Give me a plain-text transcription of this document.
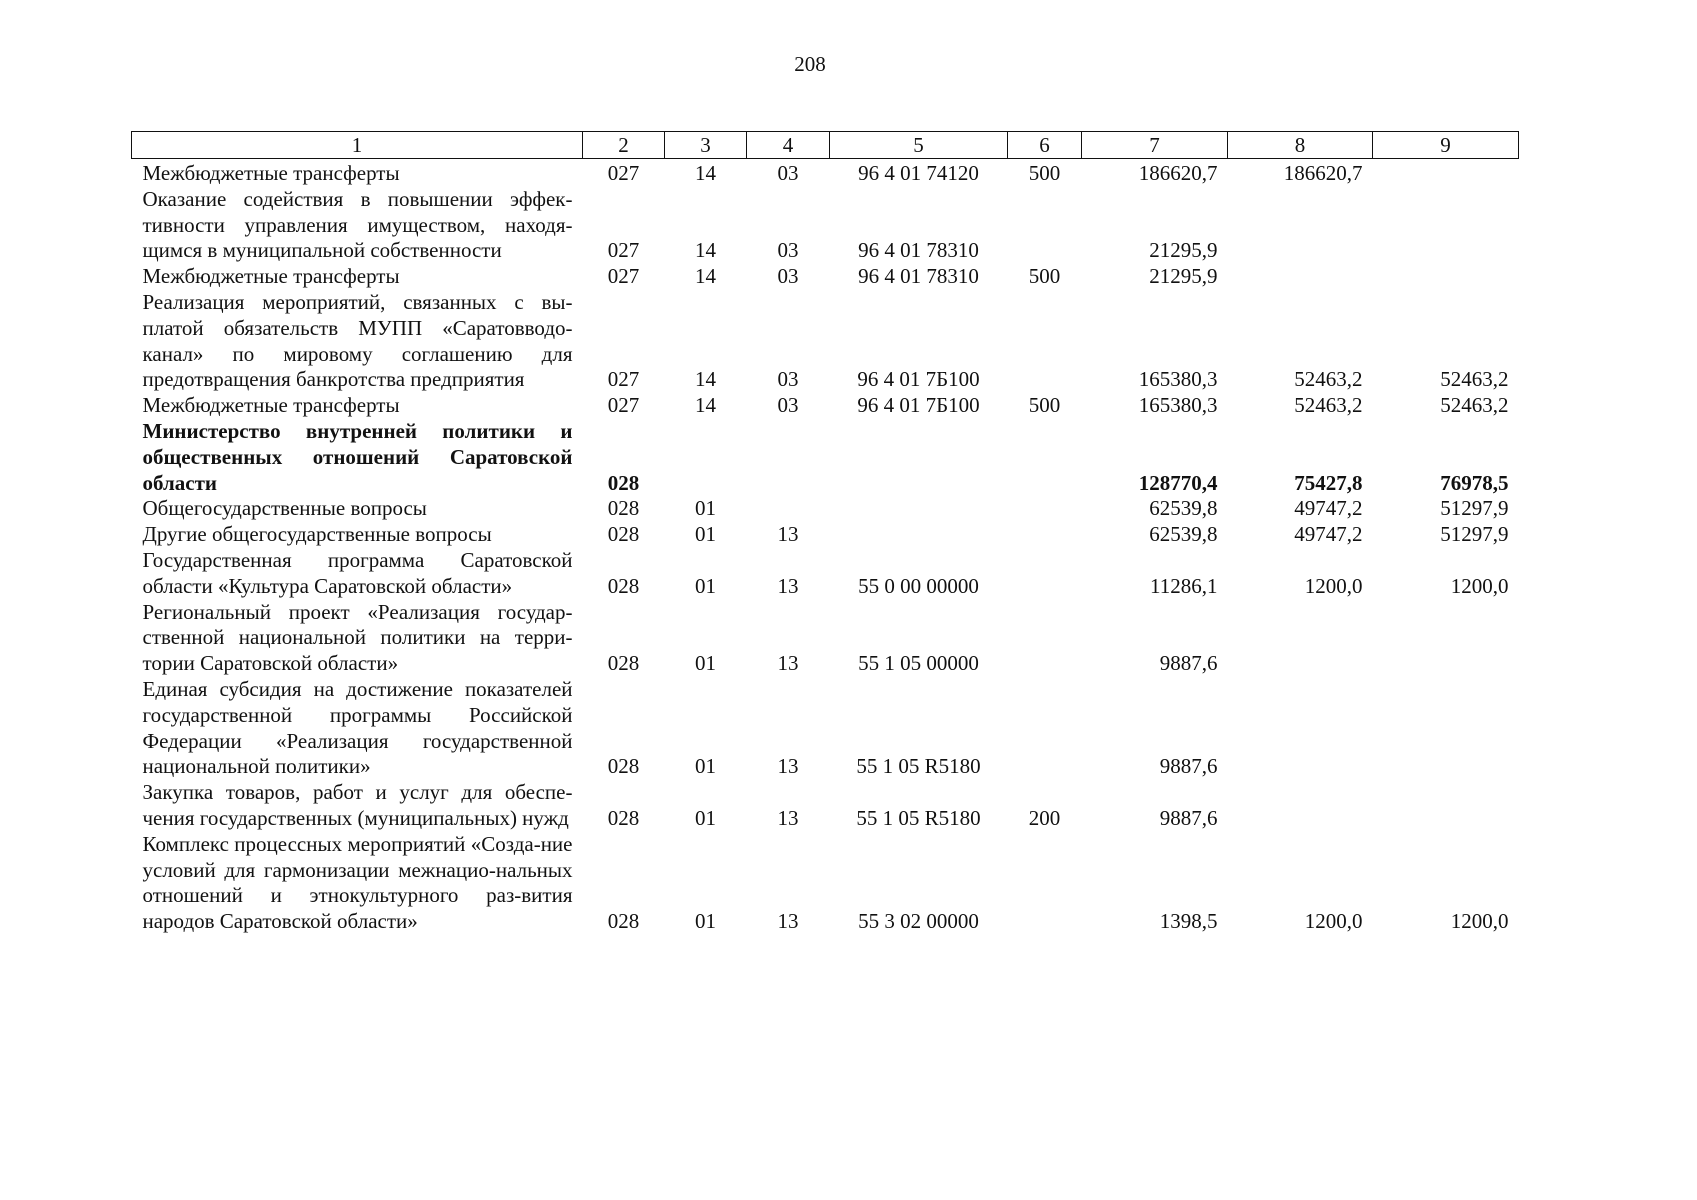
208
1	2	3	4	5	6	7	8	9
Межбюджетные трансферты	027	14	03	96 4 01 74120	500	186620,7	186620,7	
Оказание содействия в повышении эффек-тивности управления имуществом, находя-щимся в муниципальной собственности	027	14	03	96 4 01 78310		21295,9		
Межбюджетные трансферты	027	14	03	96 4 01 78310	500	21295,9		
Реализация мероприятий, связанных с вы-платой обязательств МУПП «Саратовводо-канал» по мировому соглашению для предотвращения банкротства предприятия	027	14	03	96 4 01 7Б100		165380,3	52463,2	52463,2
Межбюджетные трансферты	027	14	03	96 4 01 7Б100	500	165380,3	52463,2	52463,2
Министерство внутренней политики и общественных отношений Саратовской области	028					128770,4	75427,8	76978,5
Общегосударственные вопросы	028	01				62539,8	49747,2	51297,9
Другие общегосударственные вопросы	028	01	13			62539,8	49747,2	51297,9
Государственная программа Саратовской области «Культура Саратовской области»	028	01	13	55 0 00 00000		11286,1	1200,0	1200,0
Региональный проект «Реализация государ-ственной национальной политики на терри-тории Саратовской области»	028	01	13	55 1 05 00000		9887,6		
Единая субсидия на достижение показателей государственной программы Российской Федерации «Реализация государственной национальной политики»	028	01	13	55 1 05 R5180		9887,6		
Закупка товаров, работ и услуг для обеспе-чения государственных (муниципальных) нужд	028	01	13	55 1 05 R5180	200	9887,6		
Комплекс процессных мероприятий «Созда-ние условий для гармонизации межнацио-нальных отношений и этнокультурного раз-вития народов Саратовской области»	028	01	13	55 3 02 00000		1398,5	1200,0	1200,0
